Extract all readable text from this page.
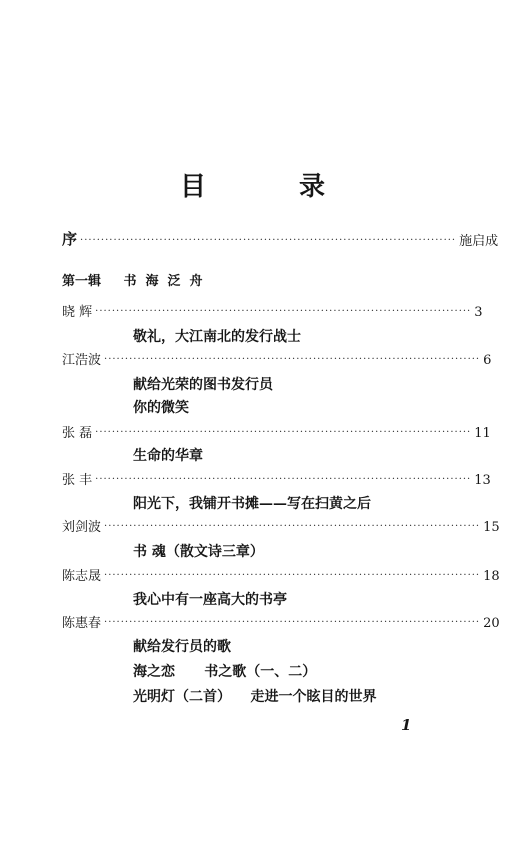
目 录
序 ·························································································· 施启成
第一辑 书海泛舟
晓 辉 ·························································································· 3
敬礼，大江南北的发行战士
江浩波 ·························································································· 6
献给光荣的图书发行员
你的微笑
张 磊 ·························································································· 11
生命的华章
张 丰 ·························································································· 13
阳光下，我铺开书摊——写在扫黄之后
刘剑波 ·························································································· 15
书 魂（散文诗三章）
陈志晟 ·························································································· 18
我心中有一座高大的书亭
陈惠春 ·························································································· 20
献给发行员的歌
海之恋      书之歌（一、二）
光明灯（二首）    走进一个眩目的世界
1
